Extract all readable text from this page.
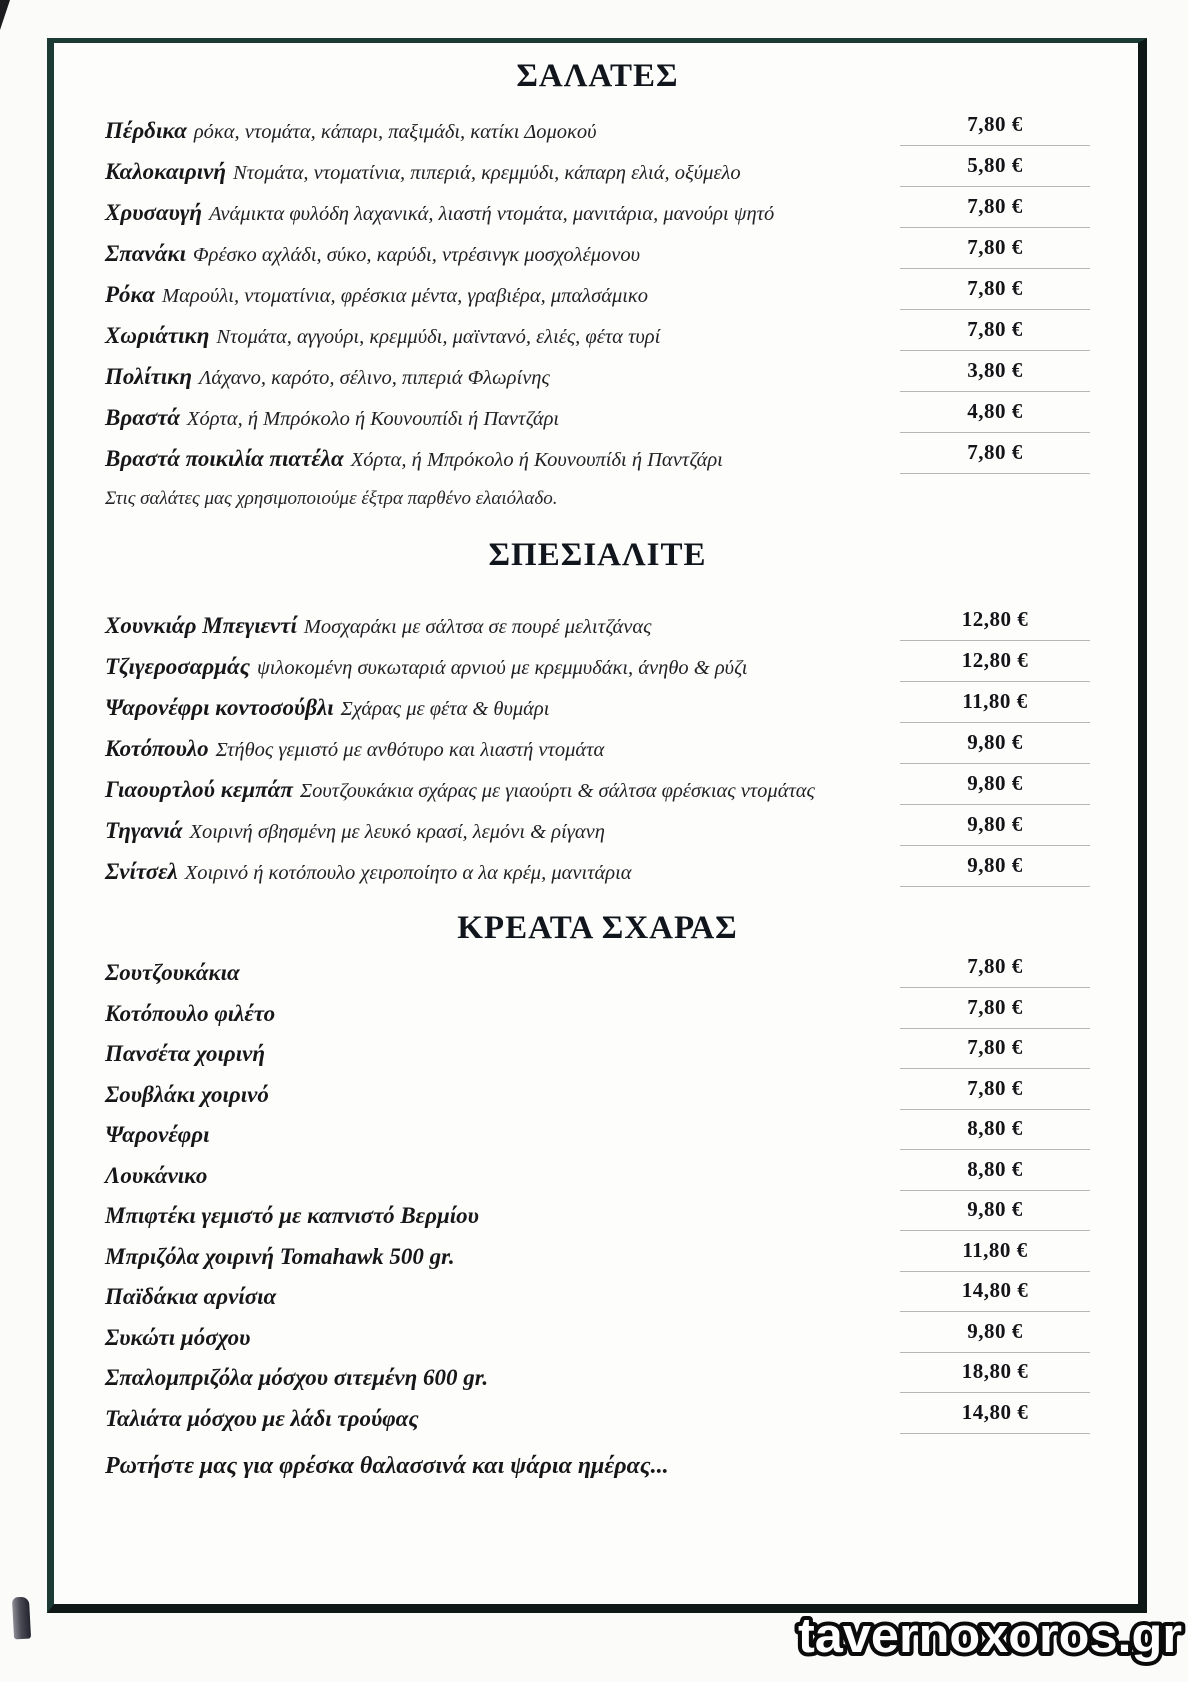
ΣΑΛΑΤΕΣ
Πέρδικα ρόκα, ντομάτα, κάπαρι, παξιμάδι, κατίκι Δομοκού	7,80 €
Καλοκαιρινή Ντομάτα, ντοματίνια, πιπεριά, κρεμμύδι, κάπαρη ελιά, οξύμελο	5,80 €
Χρυσαυγή Ανάμικτα φυλόδη λαχανικά, λιαστή ντομάτα, μανιτάρια, μανούρι ψητό	7,80 €
Σπανάκι Φρέσκο αχλάδι, σύκο, καρύδι, ντρέσινγκ μοσχολέμονου	7,80 €
Ρόκα Μαρούλι, ντοματίνια, φρέσκια μέντα, γραβιέρα, μπαλσάμικο	7,80 €
Χωριάτικη Ντομάτα, αγγούρι, κρεμμύδι, μαϊντανό, ελιές, φέτα τυρί	7,80 €
Πολίτικη Λάχανο, καρότο, σέλινο, πιπεριά Φλωρίνης	3,80 €
Βραστά Χόρτα, ή Μπρόκολο ή Κουνουπίδι ή Παντζάρι	4,80 €
Βραστά ποικιλία πιατέλα Χόρτα, ή Μπρόκολο ή Κουνουπίδι ή Παντζάρι	7,80 €
Στις σαλάτες μας χρησιμοποιούμε έξτρα παρθένο ελαιόλαδο.
ΣΠΕΣΙΑΛΙΤΕ
Χουνκιάρ Μπεγιεντί Μοσχαράκι με σάλτσα σε πουρέ μελιτζάνας	12,80 €
Τζιγεροσαρμάς ψιλοκομένη συκωταριά αρνιού με κρεμμυδάκι, άνηθο & ρύζι	12,80 €
Ψαρονέφρι κοντοσούβλι Σχάρας με φέτα & θυμάρι	11,80 €
Κοτόπουλο Στήθος γεμιστό με ανθότυρο και λιαστή ντομάτα	9,80 €
Γιαουρτλού κεμπάπ Σουτζουκάκια σχάρας με γιαούρτι & σάλτσα φρέσκιας ντομάτας	9,80 €
Τηγανιά Χοιρινή σβησμένη με λευκό κρασί, λεμόνι & ρίγανη	9,80 €
Σνίτσελ Χοιρινό ή κοτόπουλο χειροποίητο α λα κρέμ, μανιτάρια	9,80 €
ΚΡΕΑΤΑ ΣΧΑΡΑΣ
Σουτζουκάκια	7,80 €
Κοτόπουλο φιλέτο	7,80 €
Πανσέτα χοιρινή	7,80 €
Σουβλάκι χοιρινό	7,80 €
Ψαρονέφρι	8,80 €
Λουκάνικο	8,80 €
Μπιφτέκι γεμιστό με καπνιστό Βερμίου	9,80 €
Μπριζόλα χοιρινή Tomahawk 500 gr.	11,80 €
Παϊδάκια αρνίσια	14,80 €
Συκώτι μόσχου	9,80 €
Σπαλομπριζόλα μόσχου σιτεμένη 600 gr.	18,80 €
Ταλιάτα μόσχου με λάδι τρούφας	14,80 €
Ρωτήστε μας για φρέσκα θαλασσινά και ψάρια ημέρας...
tavernoxoros.gr
